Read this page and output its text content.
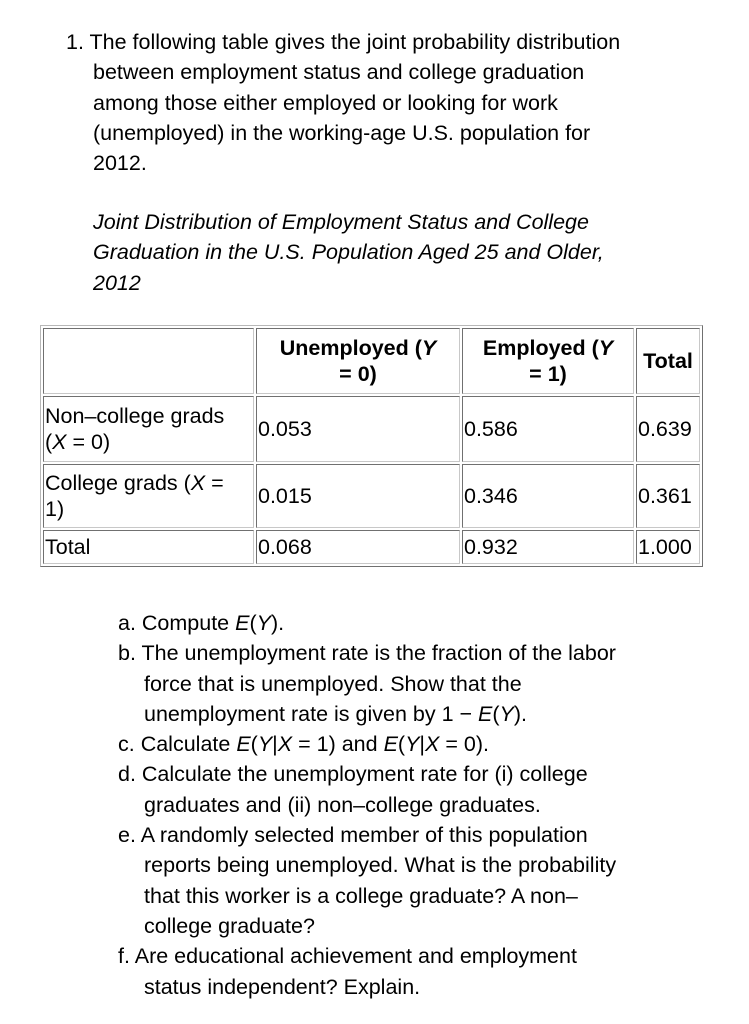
1. The following table gives the joint probability distribution
between employment status and college graduation
among those either employed or looking for work
(unemployed) in the working-age U.S. population for
2012.
Joint Distribution of Employment Status and College
Graduation in the U.S. Population Aged 25 and Older,
2012
	Unemployed (Y
= 0)	Employed (Y
= 1)	Total
Non–college grads
(X = 0)	0.053	0.586	0.639
College grads (X =
1)	0.015	0.346	0.361
Total	0.068	0.932	1.000
a. Compute E(Y).
b. The unemployment rate is the fraction of the labor
force that is unemployed. Show that the
unemployment rate is given by 1 − E(Y).
c. Calculate E(Y|X = 1) and E(Y|X = 0).
d. Calculate the unemployment rate for (i) college
graduates and (ii) non–college graduates.
e. A randomly selected member of this population
reports being unemployed. What is the probability
that this worker is a college graduate? A non–
college graduate?
f. Are educational achievement and employment
status independent? Explain.
